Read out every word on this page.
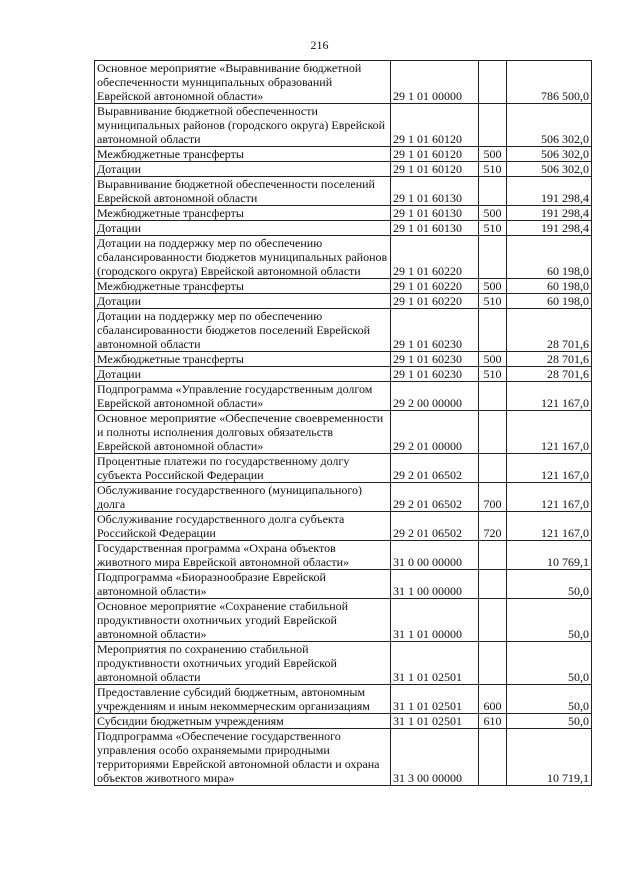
216
Основное мероприятие «Выравнивание бюджетной обеспеченности муниципальных образований Еврейской автономной области»	29 1 01 00000		786 500,0
Выравнивание бюджетной обеспеченности муниципальных районов (городского округа) Еврейской автономной области	29 1 01 60120		506 302,0
Межбюджетные трансферты	29 1 01 60120	500	506 302,0
Дотации	29 1 01 60120	510	506 302,0
Выравнивание бюджетной обеспеченности поселений Еврейской автономной области	29 1 01 60130		191 298,4
Межбюджетные трансферты	29 1 01 60130	500	191 298,4
Дотации	29 1 01 60130	510	191 298,4
Дотации на поддержку мер по обеспечению сбалансированности бюджетов муниципальных районов (городского округа) Еврейской автономной области	29 1 01 60220		60 198,0
Межбюджетные трансферты	29 1 01 60220	500	60 198,0
Дотации	29 1 01 60220	510	60 198,0
Дотации на поддержку мер по обеспечению сбалансированности бюджетов поселений Еврейской автономной области	29 1 01 60230		28 701,6
Межбюджетные трансферты	29 1 01 60230	500	28 701,6
Дотации	29 1 01 60230	510	28 701,6
Подпрограмма «Управление государственным долгом Еврейской автономной области»	29 2 00 00000		121 167,0
Основное мероприятие «Обеспечение своевременности и полноты исполнения долговых обязательств Еврейской автономной области»	29 2 01 00000		121 167,0
Процентные платежи по государственному долгу субъекта Российской Федерации	29 2 01 06502		121 167,0
Обслуживание государственного (муниципального) долга	29 2 01 06502	700	121 167,0
Обслуживание государственного долга субъекта Российской Федерации	29 2 01 06502	720	121 167,0
Государственная программа «Охрана объектов животного мира Еврейской автономной области»	31 0 00 00000		10 769,1
Подпрограмма «Биоразнообразие Еврейской автономной области»	31 1 00 00000		50,0
Основное мероприятие «Сохранение стабильной продуктивности охотничьих угодий Еврейской автономной области»	31 1 01 00000		50,0
Мероприятия по сохранению стабильной продуктивности охотничьих угодий Еврейской автономной области	31 1 01 02501		50,0
Предоставление субсидий бюджетным, автономным учреждениям и иным некоммерческим организациям	31 1 01 02501	600	50,0
Субсидии бюджетным учреждениям	31 1 01 02501	610	50,0
Подпрограмма «Обеспечение государственного управления особо охраняемыми природными территориями Еврейской автономной области и охрана объектов животного мира»	31 3 00 00000		10 719,1
